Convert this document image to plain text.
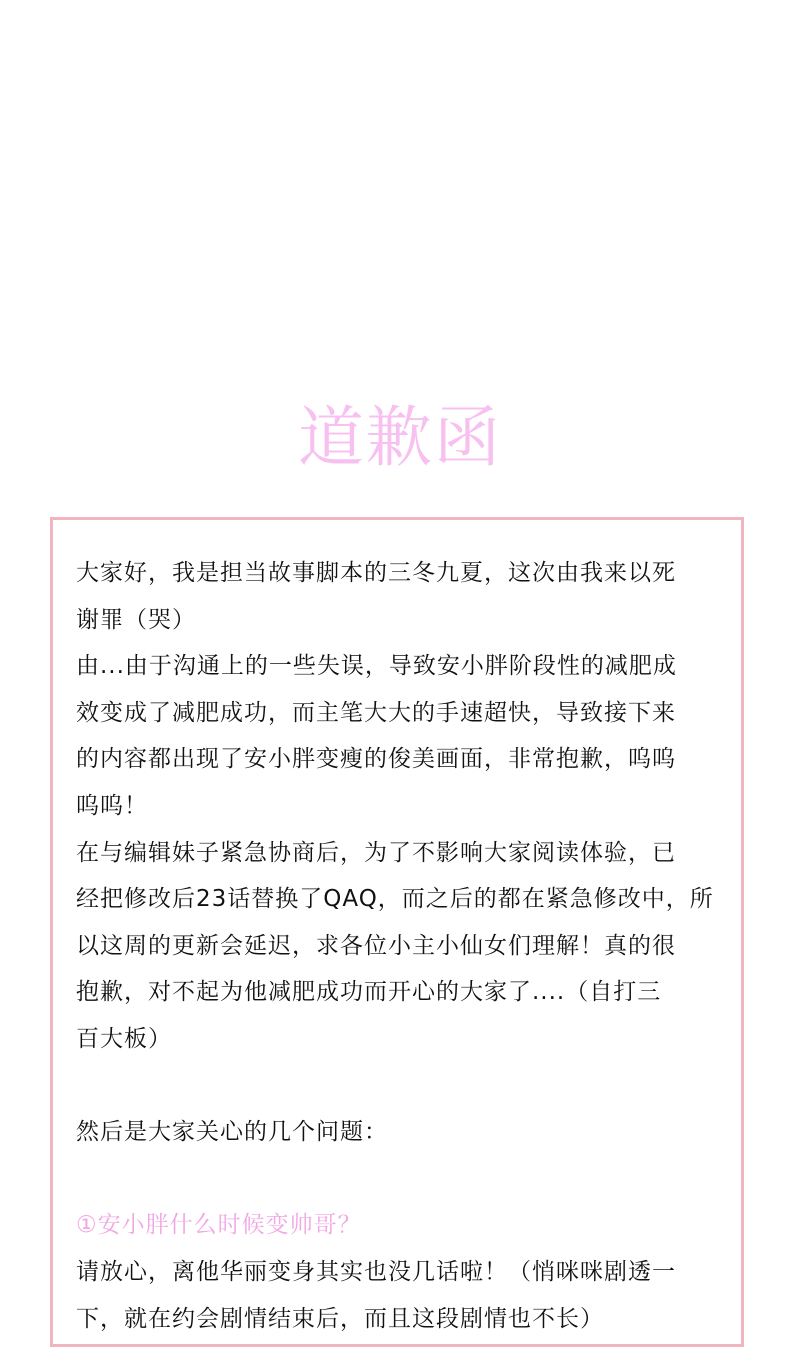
道歉函
大家好，我是担当故事脚本的三冬九夏，这次由我来以死
谢罪（哭）
由...由于沟通上的一些失误，导致安小胖阶段性的减肥成
效变成了减肥成功，而主笔大大的手速超快，导致接下来
的内容都出现了安小胖变瘦的俊美画面，非常抱歉，呜呜
呜呜！
在与编辑妹子紧急协商后，为了不影响大家阅读体验，已
经把修改后23话替换了QAQ，而之后的都在紧急修改中，所
以这周的更新会延迟，求各位小主小仙女们理解！真的很
抱歉，对不起为他减肥成功而开心的大家了....（自打三
百大板）
然后是大家关心的几个问题：
①安小胖什么时候变帅哥？
请放心，离他华丽变身其实也没几话啦！（悄咪咪剧透一
下，就在约会剧情结束后，而且这段剧情也不长）
